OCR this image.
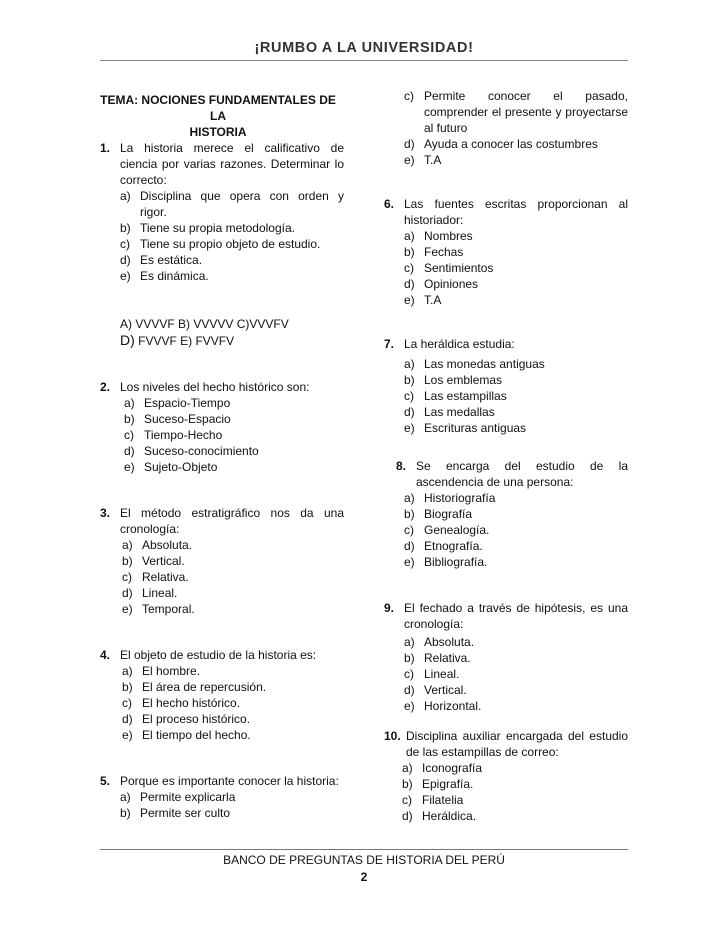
¡RUMBO A LA UNIVERSIDAD!
TEMA: NOCIONES FUNDAMENTALES DE LA
HISTORIA
1. La historia merece el calificativo de ciencia por varias razones. Determinar lo correcto:
a) Disciplina que opera con orden y rigor.
b) Tiene su propia metodología.
c) Tiene su propio objeto de estudio.
d) Es estática.
e) Es dinámica.
A) VVVVF B) VVVVV C)VVVFV
D) FVVVF E) FVVFV
2. Los niveles del hecho histórico son:
a) Espacio-Tiempo
b) Suceso-Espacio
c) Tiempo-Hecho
d) Suceso-conocimiento
e) Sujeto-Objeto
3. El método estratigráfico nos da una cronología:
a) Absoluta.
b) Vertical.
c) Relativa.
d) Lineal.
e) Temporal.
4. El objeto de estudio de la historia es:
a) El hombre.
b) El área de repercusión.
c) El hecho histórico.
d) El proceso histórico.
e) El tiempo del hecho.
5. Porque es importante conocer la historia:
a) Permite explicarla
b) Permite ser culto
c) Permite conocer el pasado, comprender el presente y proyectarse al futuro
d) Ayuda a conocer las costumbres
e) T.A
6. Las fuentes escritas proporcionan al historiador:
a) Nombres
b) Fechas
c) Sentimientos
d) Opiniones
e) T.A
7. La heráldica estudia:
a) Las monedas antiguas
b) Los emblemas
c) Las estampillas
d) Las medallas
e) Escrituras antiguas
8. Se encarga del estudio de la ascendencia de una persona:
a) Historiografía
b) Biografía
c) Genealogía.
d) Etnografía.
e) Bibliografía.
9. El fechado a través de hipótesis, es una cronología:
a) Absoluta.
b) Relativa.
c) Lineal.
d) Vertical.
e) Horizontal.
10. Disciplina auxiliar encargada del estudio de las estampillas de correo:
a) Iconografía
b) Epigrafía.
c) Filatelia
d) Heráldica.
BANCO DE PREGUNTAS DE HISTORIA DEL PERÚ
2
